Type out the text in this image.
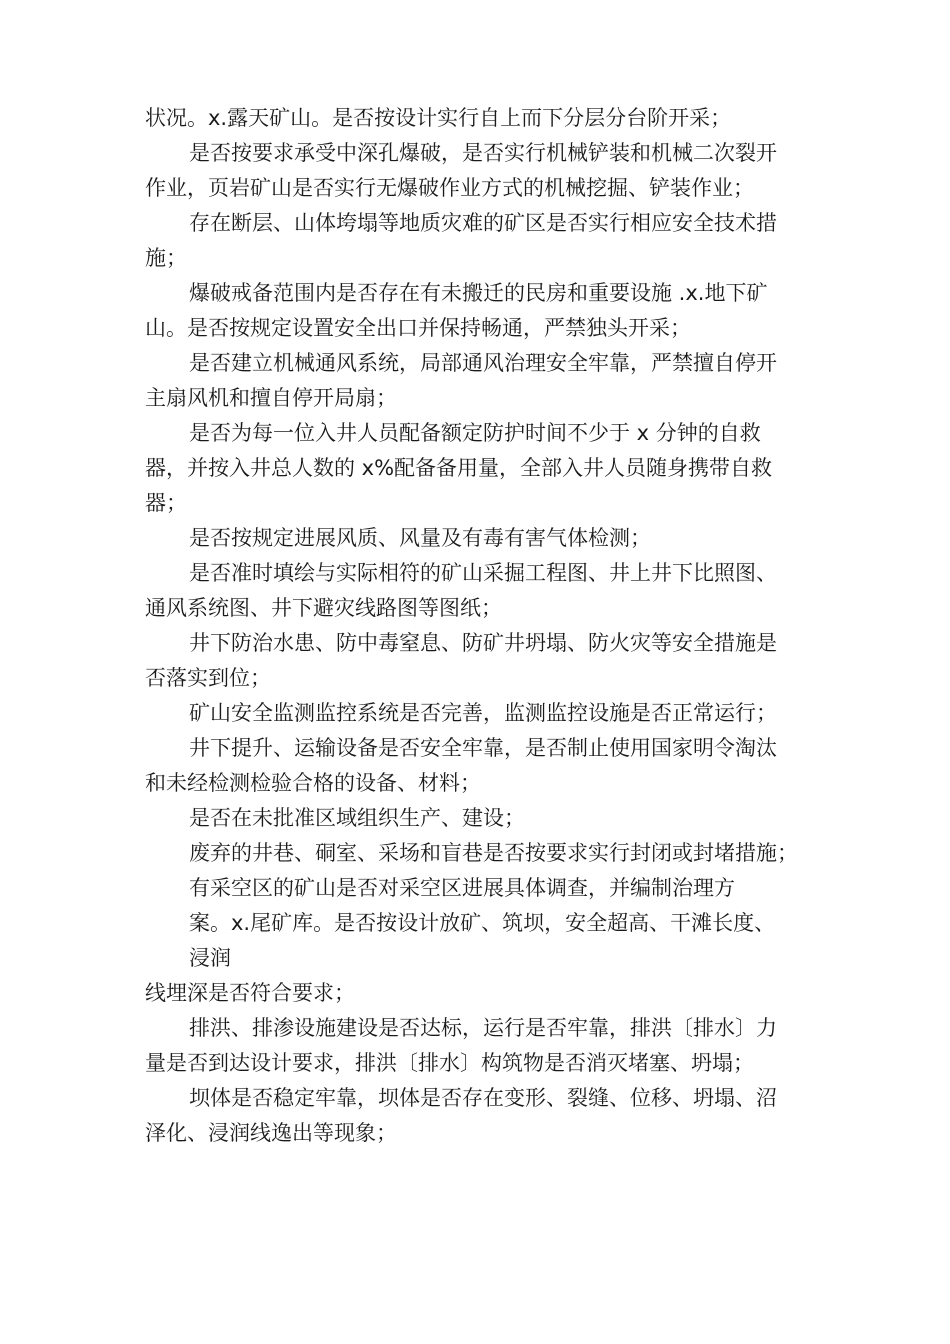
状况。x.露天矿山。是否按设计实行自上而下分层分台阶开采；
是否按要求承受中深孔爆破，是否实行机械铲装和机械二次裂开
作业，页岩矿山是否实行无爆破作业方式的机械挖掘、铲装作业；
存在断层、山体垮塌等地质灾难的矿区是否实行相应安全技术措
施；
爆破戒备范围内是否存在有未搬迁的民房和重要设施 .x.地下矿
山。是否按规定设置安全出口并保持畅通，严禁独头开采；
是否建立机械通风系统，局部通风治理安全牢靠，严禁擅自停开
主扇风机和擅自停开局扇；
是否为每一位入井人员配备额定防护时间不少于 x 分钟的自救
器，并按入井总人数的 x%配备备用量，全部入井人员随身携带自救
器；
是否按规定进展风质、风量及有毒有害气体检测；
是否准时填绘与实际相符的矿山采掘工程图、井上井下比照图、
通风系统图、井下避灾线路图等图纸；
井下防治水患、防中毒窒息、防矿井坍塌、防火灾等安全措施是
否落实到位；
矿山安全监测监控系统是否完善，监测监控设施是否正常运行；
井下提升、运输设备是否安全牢靠，是否制止使用国家明令淘汰
和未经检测检验合格的设备、材料；
是否在未批准区域组织生产、建设；
废弃的井巷、硐室、采场和盲巷是否按要求实行封闭或封堵措施；
有采空区的矿山是否对采空区进展具体调查，并编制治理方
案。x.尾矿库。是否按设计放矿、筑坝，安全超高、干滩长度、
浸润
线埋深是否符合要求；
排洪、排渗设施建设是否达标，运行是否牢靠，排洪〔排水〕力
量是否到达设计要求，排洪〔排水〕构筑物是否消灭堵塞、坍塌；
坝体是否稳定牢靠，坝体是否存在变形、裂缝、位移、坍塌、沼
泽化、浸润线逸出等现象；
